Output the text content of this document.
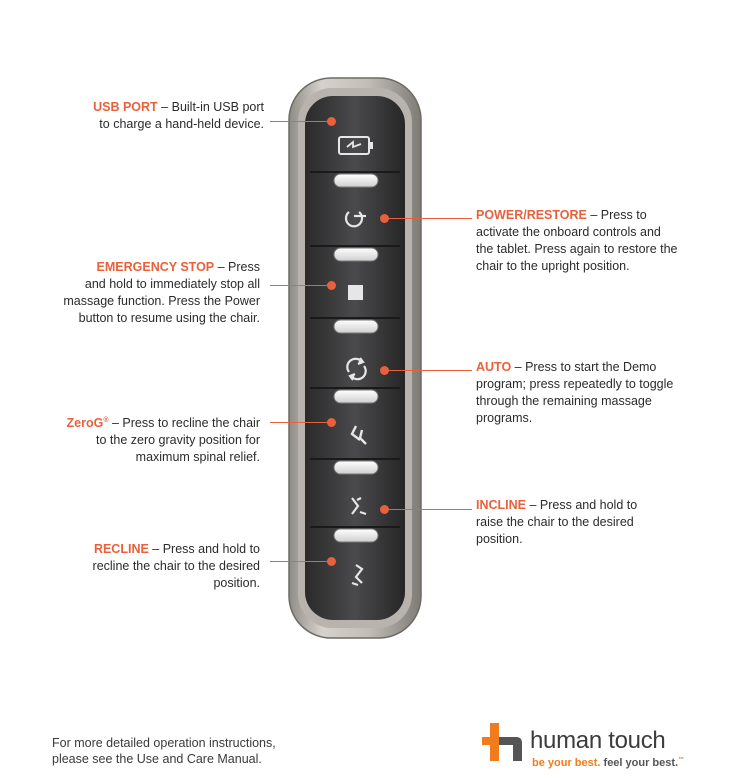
USB PORT – Built-in USB port
to charge a hand-held device.
EMERGENCY STOP – Press
and hold to immediately stop all
massage function. Press the Power
button to resume using the chair.
ZeroG® – Press to recline the chair
to the zero gravity position for
maximum spinal relief.
RECLINE – Press and hold to
recline the chair to the desired
position.
POWER/RESTORE – Press to
activate the onboard controls and
the tablet. Press again to restore the
chair to the upright position.
AUTO – Press to start the Demo
program; press repeatedly to toggle
through the remaining massage
programs.
INCLINE – Press and hold to
raise the chair to the desired
position.
For more detailed operation instructions,
please see the Use and Care Manual.
human touch
be your best. feel your best.™
